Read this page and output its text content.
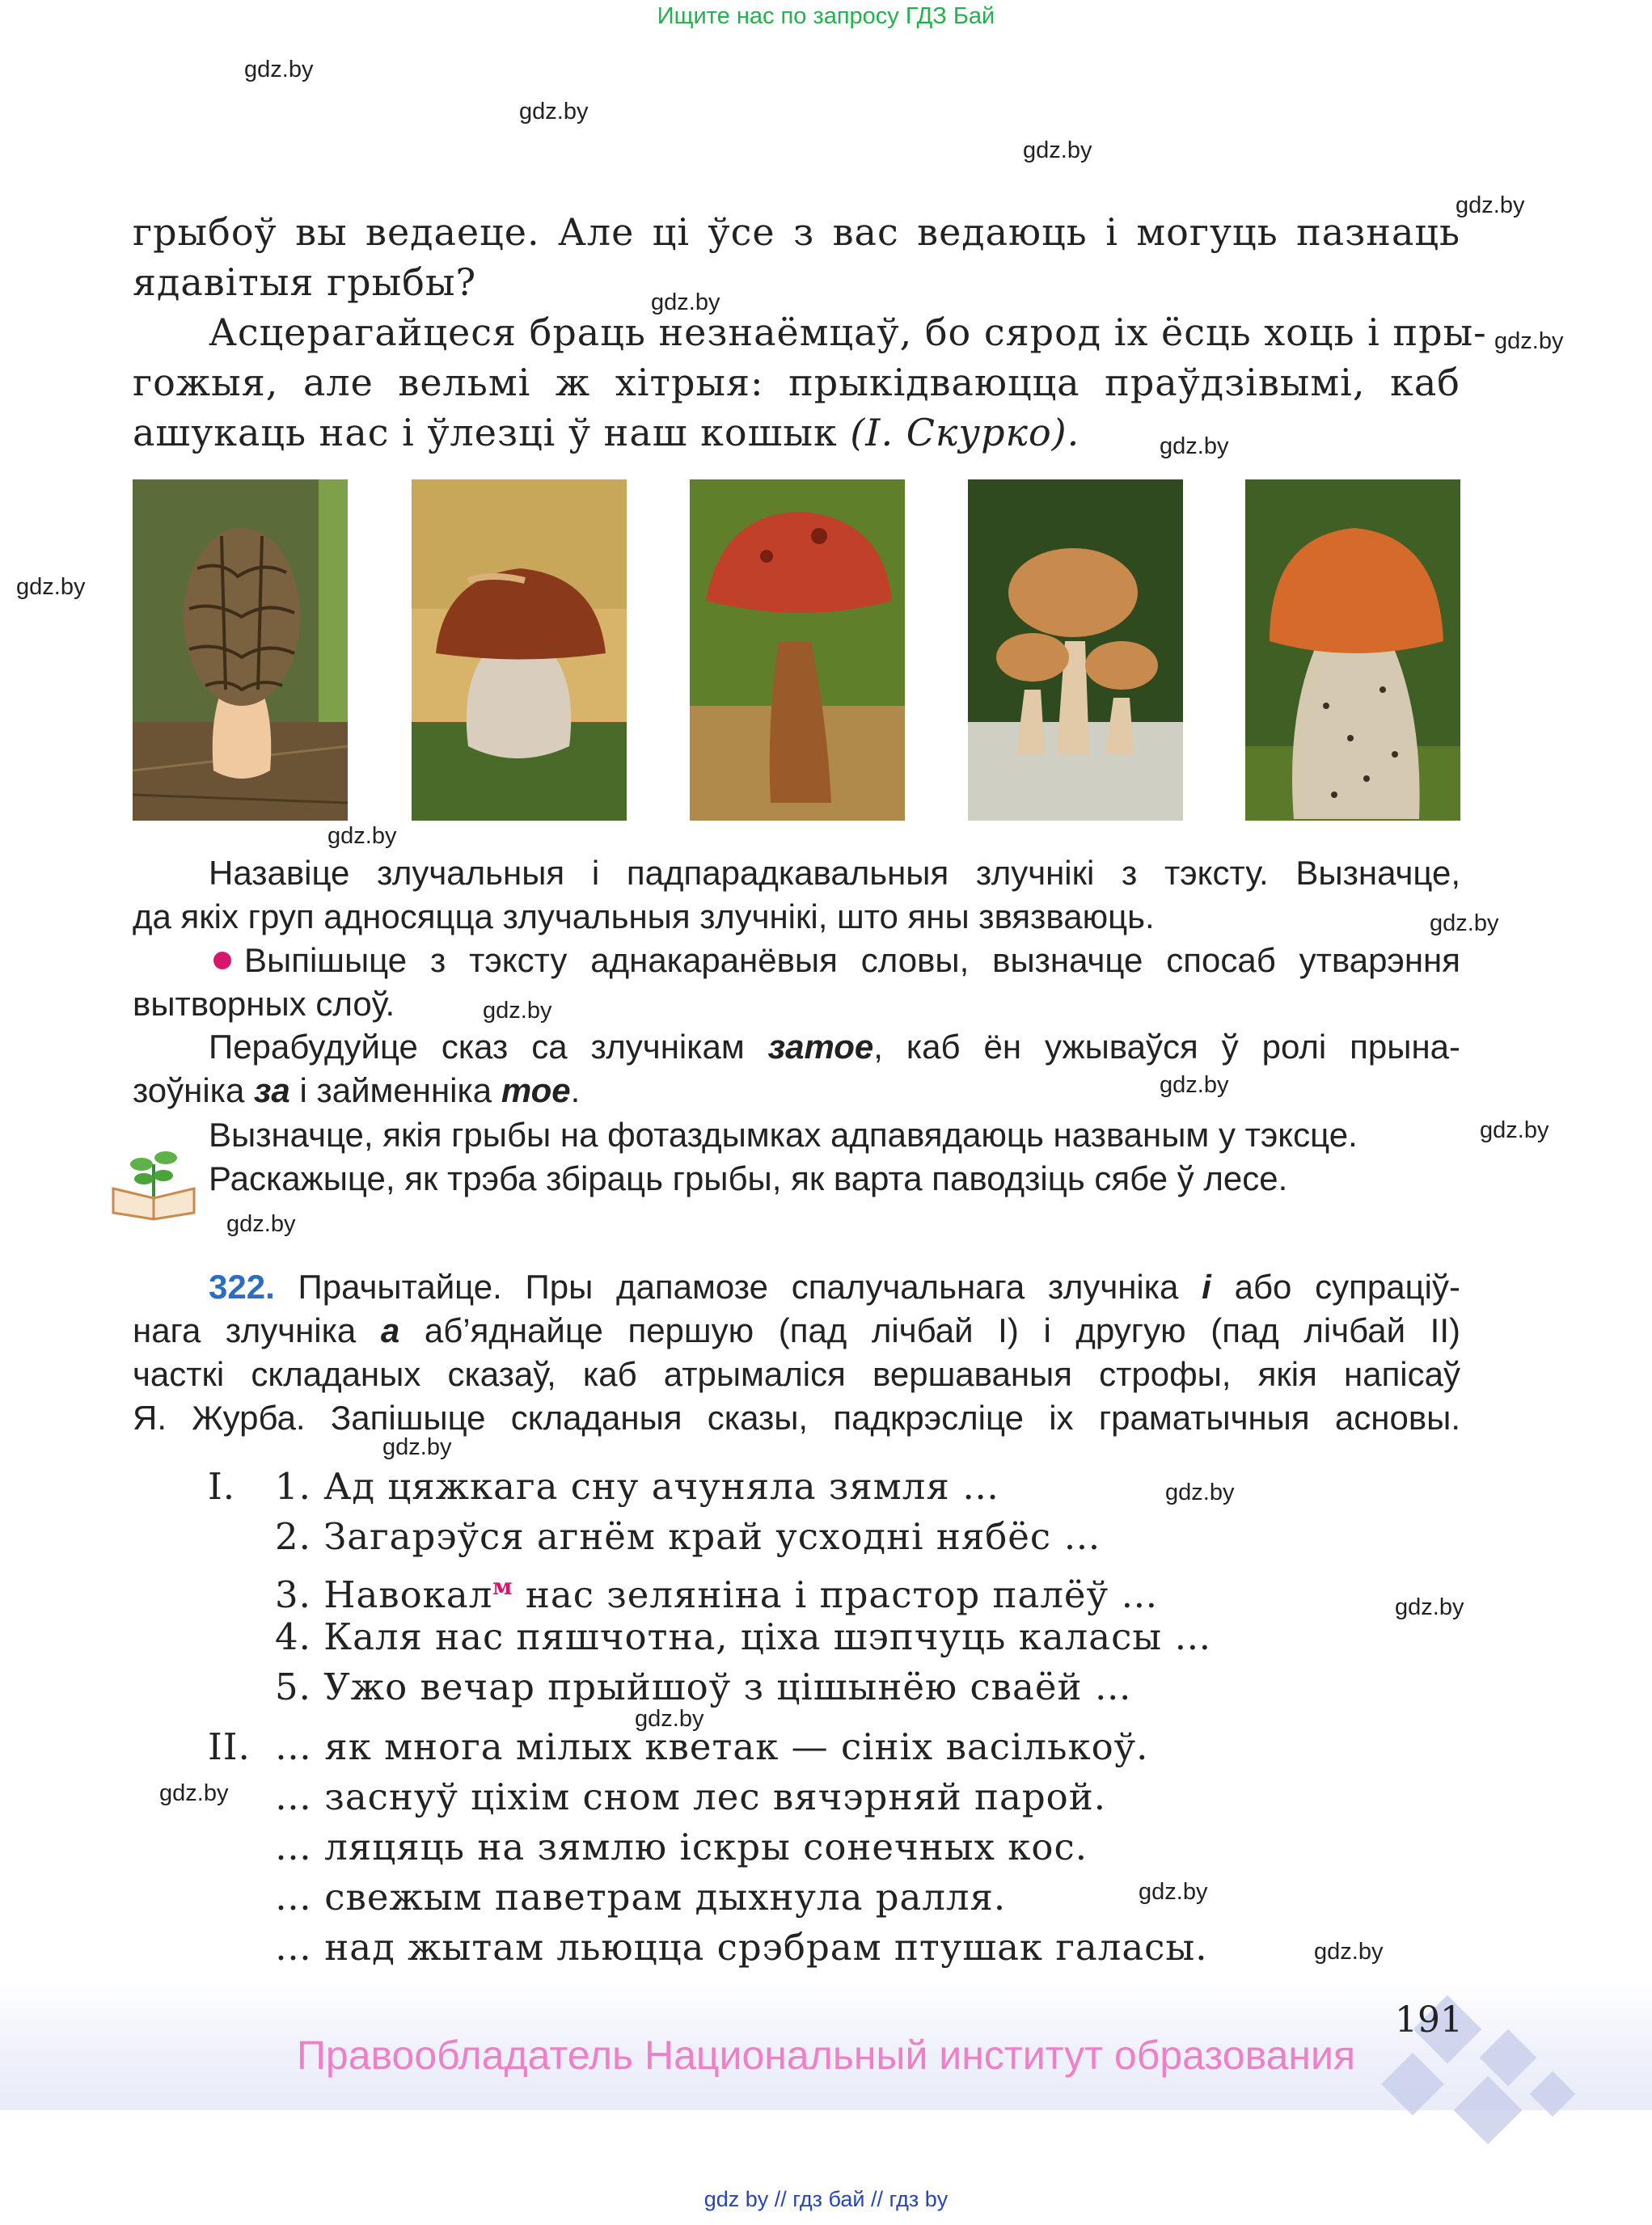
Ищите нас по запросу ГДЗ Бай
gdz.by
gdz.by
gdz.by
gdz.by
gdz.by
gdz.by
gdz.by
gdz.by
gdz.by
gdz.by
gdz.by
gdz.by
gdz.by
gdz.by
gdz.by
gdz.by
gdz.by
gdz.by
gdz.by
gdz.by
gdz.by
грыбоў вы ведаеце. Але ці ўсе з вас ведаюць і могуць пазнаць
ядавітыя грыбы?
Асцерагайцеся браць незнаёмцаў, бо сярод іх ёсць хоць і пры-
гожыя, але вельмі ж хітрыя: прыкідваюцца праўдзівымі, каб
ашукаць нас і ўлезці ў наш кошык (І. Скурко).
Назавіце злучальныя і падпарадкавальныя злучнікі з тэксту. Вызначце,
да якіх груп адносяцца злучальныя злучнікі, што яны звязваюць.
Выпішыце з тэксту аднакаранёвыя словы, вызначце спосаб утварэння
вытворных слоў.
Перабудуйце сказ са злучнікам затое, каб ён ужываўся ў ролі прына-
зоўніка за і займенніка тое.
Вызначце, якія грыбы на фотаздымках адпавядаюць названым у тэксце.
Раскажыце, як трэба збіраць грыбы, як варта паводзіць сябе ў лесе.
322. Прачытайце. Пры дапамозе спалучальнага злучніка і або супраціў-
нага злучніка а аб’яднайце першую (пад лічбай І) і другую (пад лічбай ІІ)
часткі складаных сказаў, каб атрымаліся вершаваныя строфы, якія напісаў
Я. Журба. Запішыце складаныя сказы, падкрэсліце іх граматычныя асновы.
І. 1. Ад цяжкага сну ачуняла зямля …
2. Загарэўся агнём край усходні нябёс …
3. Навокал$^м$ нас зеляніна і прастор палёў …
4. Каля нас пяшчотна, ціха шэпчуць каласы …
5. Ужо вечар прыйшоў з цішынёю сваёй …
ІІ. … як многа мілых кветак — сініх васількоў.
… заснуў ціхім сном лес вячэрняй парой.
… ляцяць на зямлю іскры сонечных кос.
… свежым паветрам дыхнула ралля.
… над жытам льюцца срэбрам птушак галасы.
191
Правообладатель Национальный институт образования
gdz by // гдз бай // гдз by
